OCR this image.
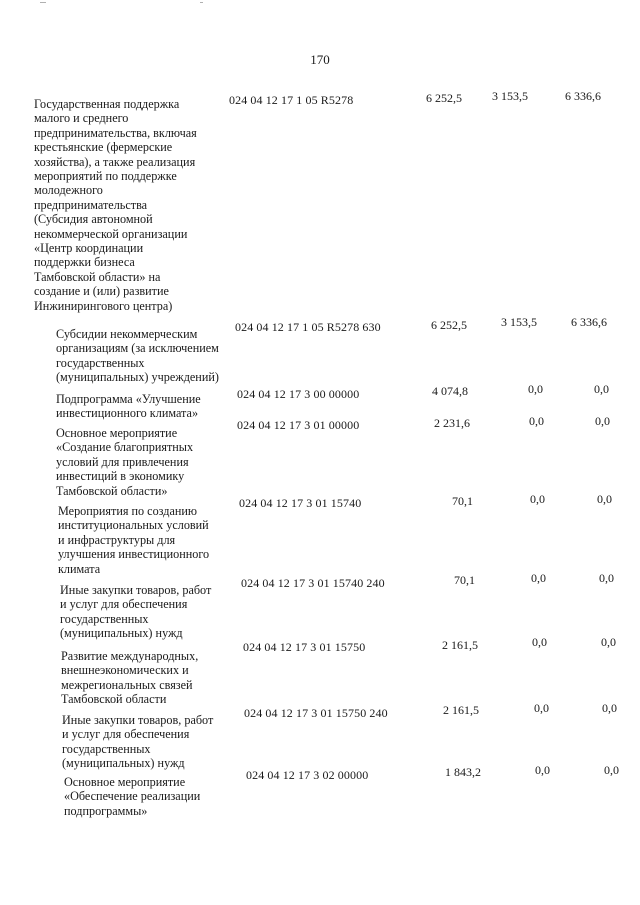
170
Государственная поддержка
малого и среднего
предпринимательства, включая
крестьянские (фермерские
хозяйства), а также реализация
мероприятий по поддержке
молодежного
предпринимательства
(Субсидия автономной
некоммерческой организации
«Центр координации
поддержки бизнеса
Тамбовской области» на
создание и (или) развитие
Инжинирингового центра)
024 04 12 17 1 05 R5278	6 252,5	3 153,5	6 336,6
Субсидии некоммерческим
организациям (за исключением
государственных
(муниципальных) учреждений)
024 04 12 17 1 05 R5278 630	6 252,5	3 153,5	6 336,6
Подпрограмма «Улучшение
инвестиционного климата»
024 04 12 17 3 00 00000	4 074,8	0,0	0,0
Основное мероприятие
«Создание благоприятных
условий для привлечения
инвестиций в экономику
Тамбовской области»
024 04 12 17 3 01 00000	2 231,6	0,0	0,0
Мероприятия по созданию
институциональных условий
и инфраструктуры для
улучшения инвестиционного
климата
024 04 12 17 3 01 15740	70,1	0,0	0,0
Иные закупки товаров, работ
и услуг для обеспечения
государственных
(муниципальных) нужд
024 04 12 17 3 01 15740 240	70,1	0,0	0,0
Развитие международных,
внешнеэкономических и
межрегиональных связей
Тамбовской области
024 04 12 17 3 01 15750	2 161,5	0,0	0,0
Иные закупки товаров, работ
и услуг для обеспечения
государственных
(муниципальных) нужд
024 04 12 17 3 01 15750 240	2 161,5	0,0	0,0
Основное мероприятие
«Обеспечение реализации
подпрограммы»
024 04 12 17 3 02 00000	1 843,2	0,0	0,0
